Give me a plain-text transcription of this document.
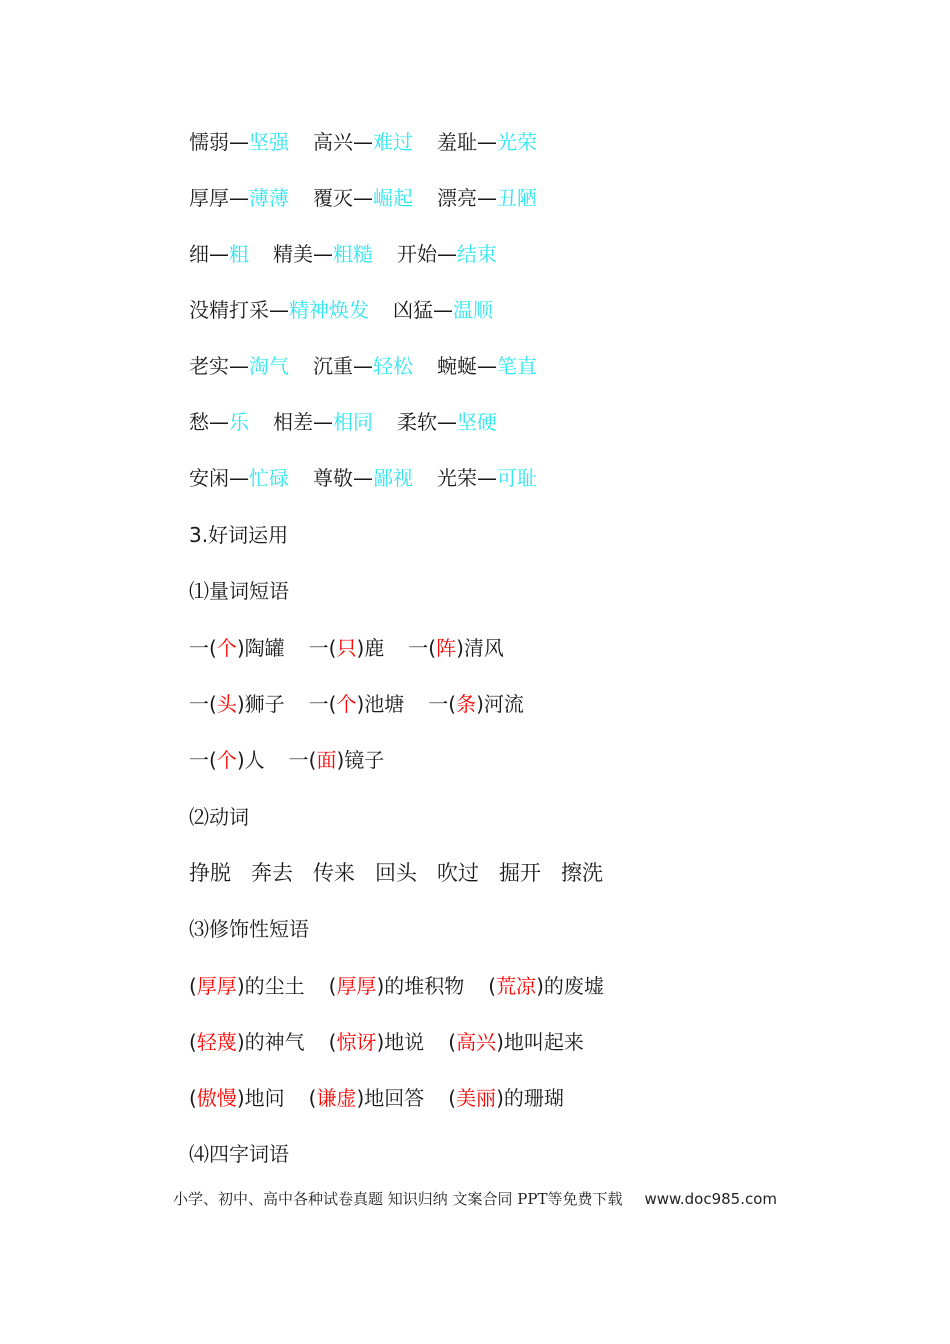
懦弱—坚强 高兴—难过 羞耻—光荣
厚厚—薄薄 覆灭—崛起 漂亮—丑陋
细—粗 精美—粗糙 开始—结束
没精打采—精神焕发 凶猛—温顺
老实—淘气 沉重—轻松 蜿蜒—笔直
愁—乐 相差—相同 柔软—坚硬
安闲—忙碌 尊敬—鄙视 光荣—可耻
3.好词运用
⑴量词短语
一(个)陶罐 一(只)鹿 一(阵)清风
一(头)狮子 一(个)池塘 一(条)河流
一(个)人 一(面)镜子
⑵动词
挣脱 奔去 传来 回头 吹过 掘开 擦洗
⑶修饰性短语
(厚厚)的尘土 (厚厚)的堆积物 (荒凉)的废墟
(轻蔑)的神气 (惊讶)地说 (高兴)地叫起来
(傲慢)地问 (谦虚)地回答 (美丽)的珊瑚
⑷四字词语
小学、初中、高中各种试卷真题 知识归纳 文案合同 PPT等免费下载 www.doc985.com
